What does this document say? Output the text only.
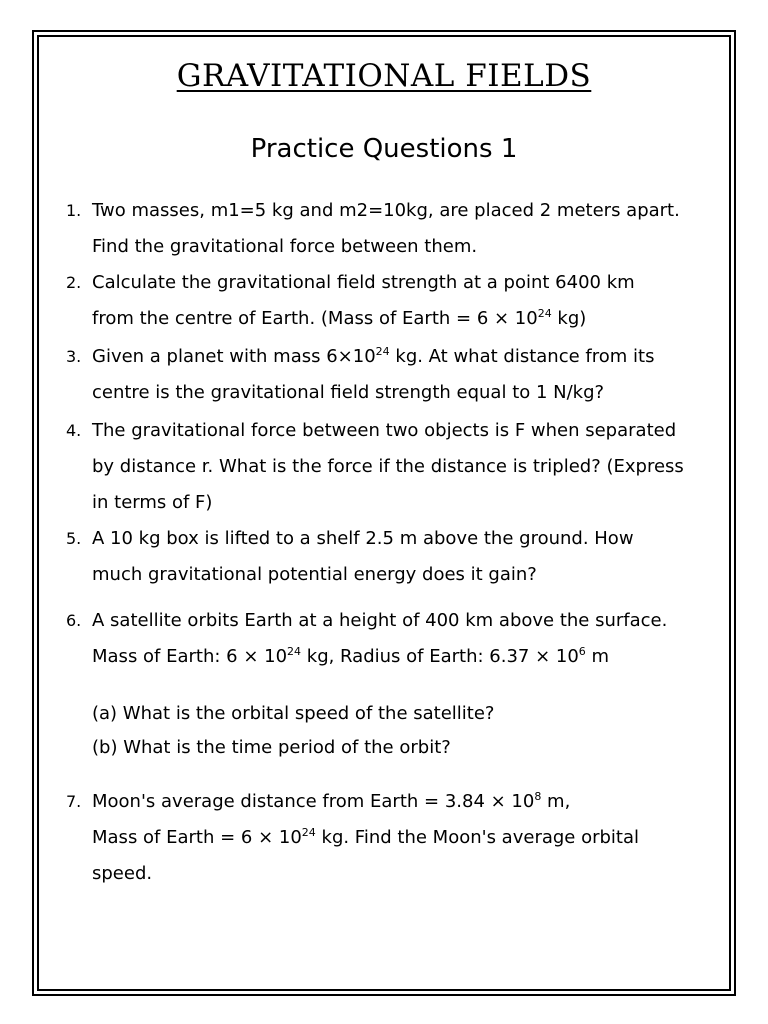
GRAVITATIONAL FIELDS
Practice Questions 1
1. Two masses, m1=5 kg and m2=10kg, are placed 2 meters apart.
Find the gravitational force between them.
2. Calculate the gravitational field strength at a point 6400 km
from the centre of Earth. (Mass of Earth = $6 \times 10^{24}$ kg)
3. Given a planet with mass $6\times 10^{24}$ kg. At what distance from its
centre is the gravitational field strength equal to 1 N/kg?
4. The gravitational force between two objects is F when separated
by distance r. What is the force if the distance is tripled? (Express
in terms of F)
5. A 10 kg box is lifted to a shelf 2.5 m above the ground. How
much gravitational potential energy does it gain?
6. A satellite orbits Earth at a height of 400 km above the surface.
Mass of Earth: $6 \times 10^{24}$ kg, Radius of Earth: $6.37 \times 10^6$ m
(a) What is the orbital speed of the satellite?
(b) What is the time period of the orbit?
7. Moon's average distance from Earth = $3.84 \times 10^8$ m,
Mass of Earth = $6 \times 10^{24}$ kg. Find the Moon's average orbital
speed.
